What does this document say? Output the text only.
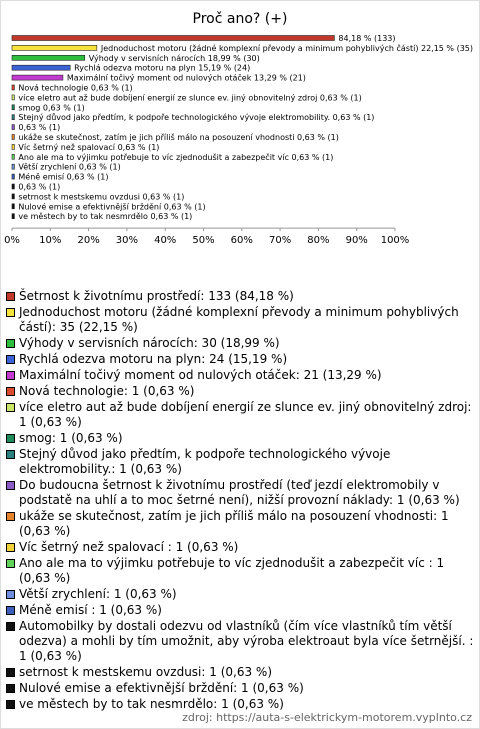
Proč ano? (+)
84,18 % (133)
Jednoduchost motoru (žádné komplexní převody a minimum pohyblivých částí) 22,15 % (35)
Výhody v servisních nárocích 18,99 % (30)
Rychlá odezva motoru na plyn 15,19 % (24)
Maximální točivý moment od nulových otáček 13,29 % (21)
Nová technologie 0,63 % (1)
více eletro aut až bude dobíjení energií ze slunce ev. jiný obnovitelný zdroj 0,63 % (1)
smog 0,63 % (1)
Stejný důvod jako předtím, k podpoře technologického vývoje elektromobility. 0,63 % (1)
0,63 % (1)
ukáže se skutečnost, zatím je jich příliš málo na posouzení vhodnosti 0,63 % (1)
Víc šetrný než spalovací 0,63 % (1)
Ano ale ma to výjimku potřebuje to víc zjednodušit a zabezpečit víc 0,63 % (1)
Větší zrychlení 0,63 % (1)
Méně emisí 0,63 % (1)
0,63 % (1)
setrnost k mestskemu ovzdusi 0,63 % (1)
Nulové emise a efektivnější brždění 0,63 % (1)
ve městech by to tak nesmrdělo 0,63 % (1)
0% 10% 20% 30% 40% 50% 60% 70% 80% 90% 100%
Šetrnost k životnímu prostředí: 133 (84,18 %)
Jednoduchost motoru (žádné komplexní převody a minimum pohyblivých částí): 35 (22,15 %)
Výhody v servisních nárocích: 30 (18,99 %)
Rychlá odezva motoru na plyn: 24 (15,19 %)
Maximální točivý moment od nulových otáček: 21 (13,29 %)
Nová technologie: 1 (0,63 %)
více eletro aut až bude dobíjení energií ze slunce ev. jiný obnovitelný zdroj: 1 (0,63 %)
smog: 1 (0,63 %)
Stejný důvod jako předtím, k podpoře technologického vývoje elektromobility.: 1 (0,63 %)
Do budoucna šetrnost k životnímu prostředí (teď jezdí elektromobily v podstatě na uhlí a to moc šetrné není), nižší provozní náklady: 1 (0,63 %)
ukáže se skutečnost, zatím je jich příliš málo na posouzení vhodnosti: 1 (0,63 %)
Víc šetrný než spalovací : 1 (0,63 %)
Ano ale ma to výjimku potřebuje to víc zjednodušit a zabezpečit víc : 1 (0,63 %)
Větší zrychlení: 1 (0,63 %)
Méně emisí : 1 (0,63 %)
Automobilky by dostali odezvu od vlastníků (čím více vlastníků tím větší odezva) a mohli by tím umožnit, aby výroba elektroaut byla více šetrnější. : 1 (0,63 %)
setrnost k mestskemu ovzdusi: 1 (0,63 %)
Nulové emise a efektivnější brždění: 1 (0,63 %)
ve městech by to tak nesmrdělo: 1 (0,63 %)
zdroj: https://auta-s-elektrickym-motorem.vyplnto.cz
